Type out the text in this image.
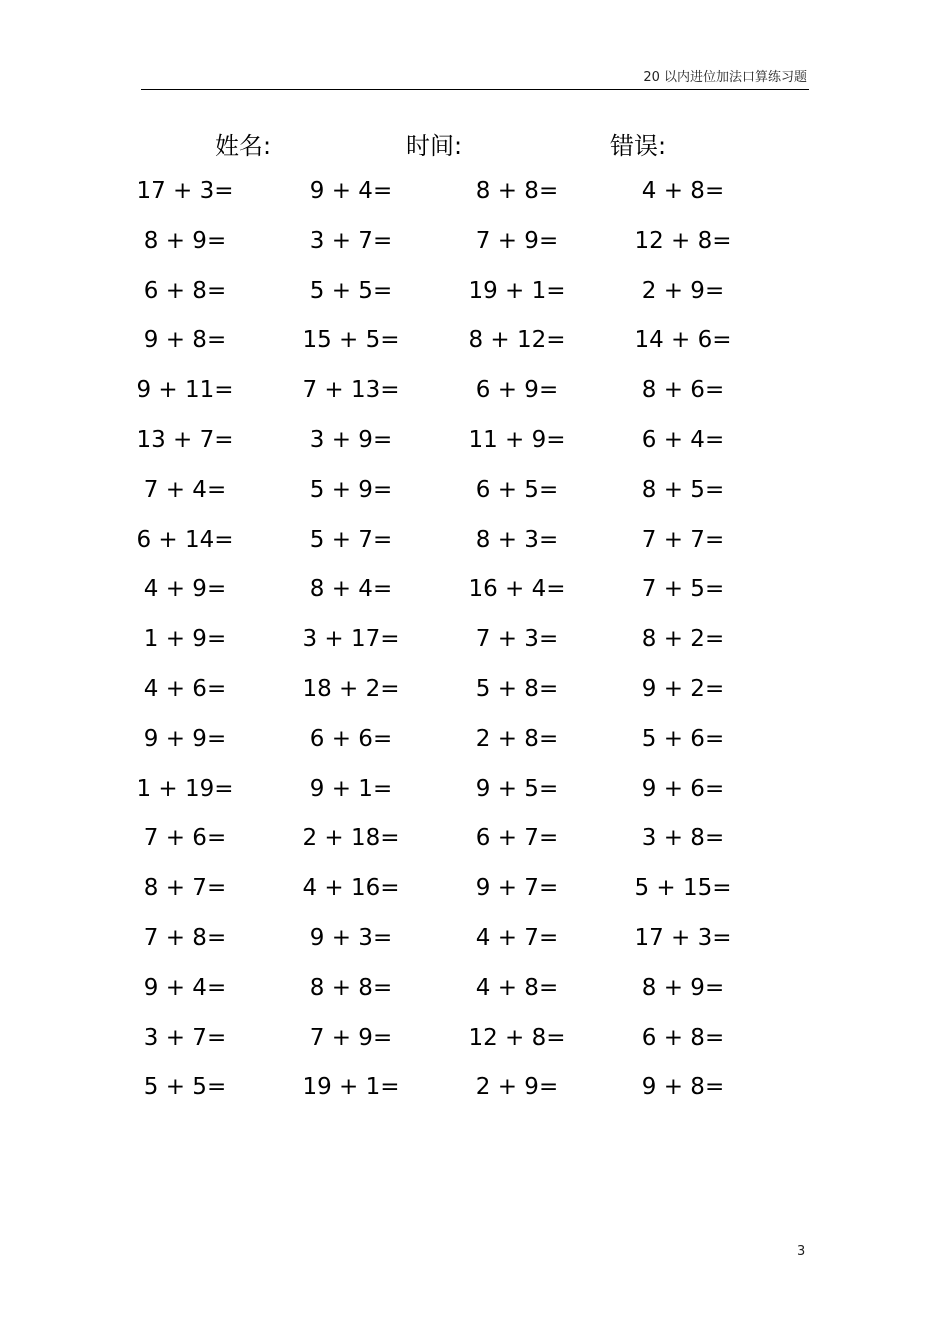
20 以内进位加法口算练习题
姓名:	时间:	错误:
17 + 3=	9 + 4=	8 + 8=	4 + 8=
8 + 9=	3 + 7=	7 + 9=	12 + 8=
6 + 8=	5 + 5=	19 + 1=	2 + 9=
9 + 8=	15 + 5=	8 + 12=	14 + 6=
9 + 11=	7 + 13=	6 + 9=	8 + 6=
13 + 7=	3 + 9=	11 + 9=	6 + 4=
7 + 4=	5 + 9=	6 + 5=	8 + 5=
6 + 14=	5 + 7=	8 + 3=	7 + 7=
4 + 9=	8 + 4=	16 + 4=	7 + 5=
1 + 9=	3 + 17=	7 + 3=	8 + 2=
4 + 6=	18 + 2=	5 + 8=	9 + 2=
9 + 9=	6 + 6=	2 + 8=	5 + 6=
1 + 19=	9 + 1=	9 + 5=	9 + 6=
7 + 6=	2 + 18=	6 + 7=	3 + 8=
8 + 7=	4 + 16=	9 + 7=	5 + 15=
7 + 8=	9 + 3=	4 + 7=	17 + 3=
9 + 4=	8 + 8=	4 + 8=	8 + 9=
3 + 7=	7 + 9=	12 + 8=	6 + 8=
5 + 5=	19 + 1=	2 + 9=	9 + 8=
3
